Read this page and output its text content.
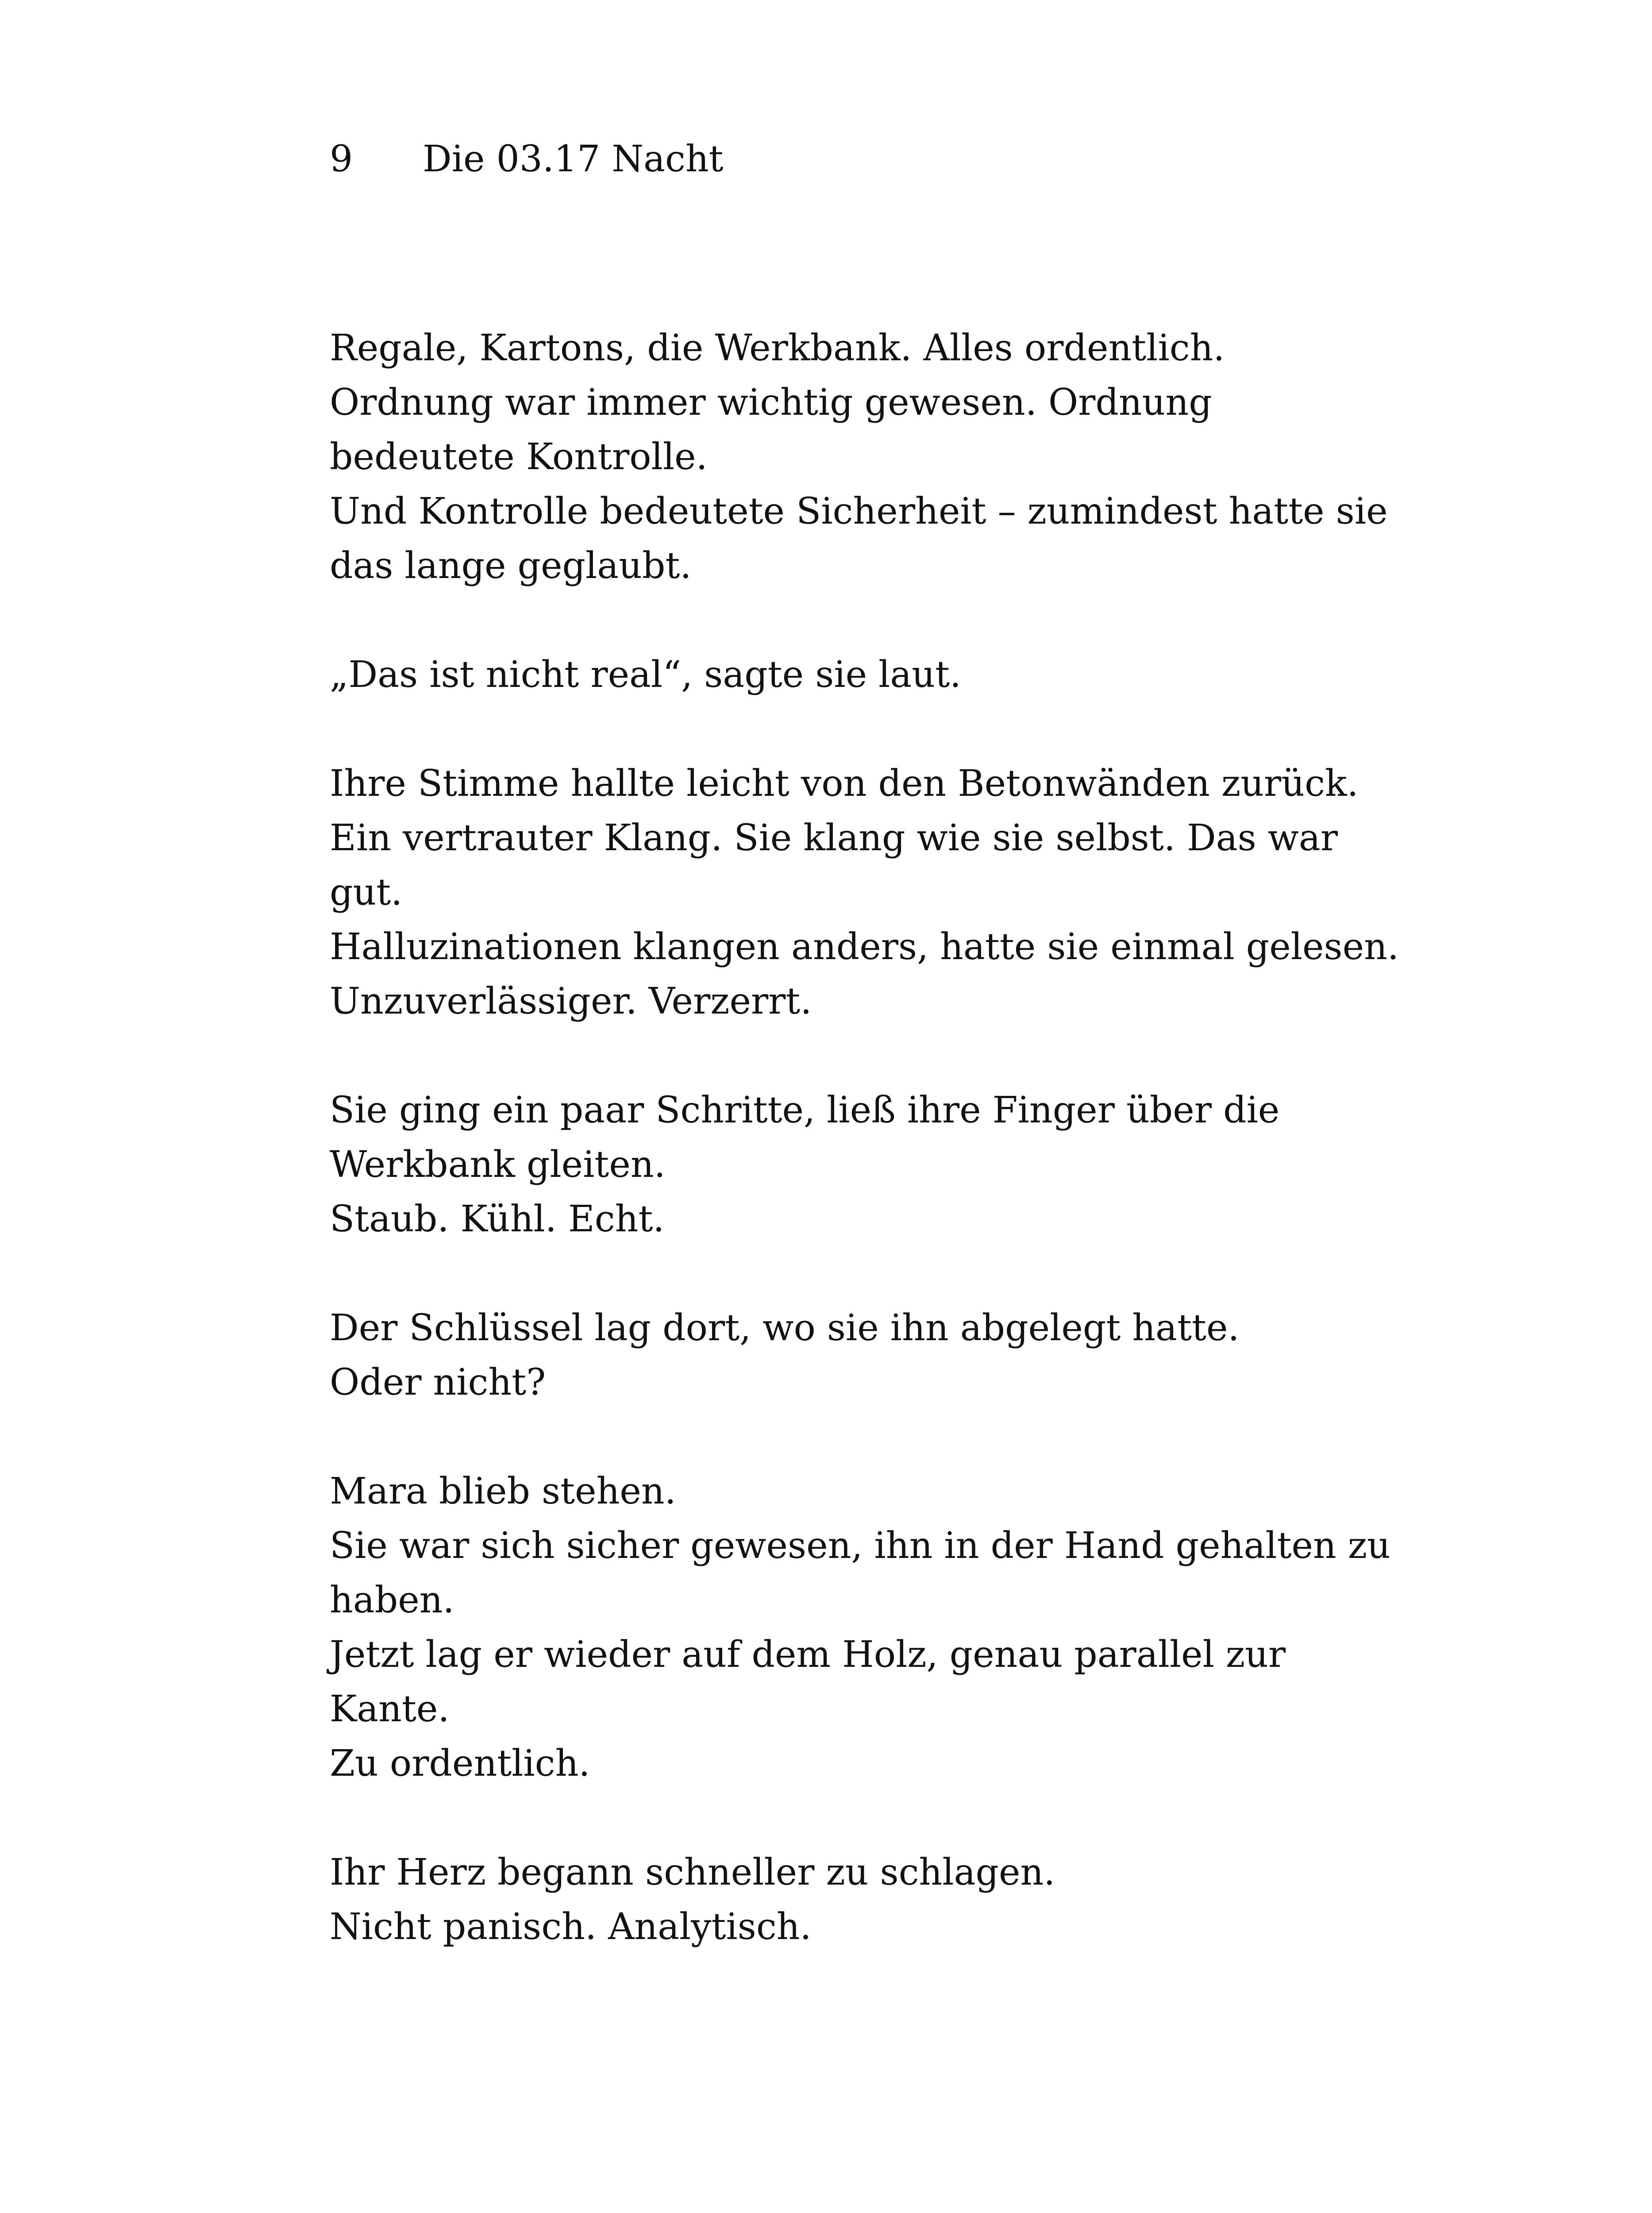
9 Die 03.17 Nacht
Regale, Kartons, die Werkbank. Alles ordentlich.
Ordnung war immer wichtig gewesen. Ordnung
bedeutete Kontrolle.
Und Kontrolle bedeutete Sicherheit – zumindest hatte sie
das lange geglaubt.
„Das ist nicht real“, sagte sie laut.
Ihre Stimme hallte leicht von den Betonwänden zurück.
Ein vertrauter Klang. Sie klang wie sie selbst. Das war
gut.
Halluzinationen klangen anders, hatte sie einmal gelesen.
Unzuverlässiger. Verzerrt.
Sie ging ein paar Schritte, ließ ihre Finger über die
Werkbank gleiten.
Staub. Kühl. Echt.
Der Schlüssel lag dort, wo sie ihn abgelegt hatte.
Oder nicht?
Mara blieb stehen.
Sie war sich sicher gewesen, ihn in der Hand gehalten zu
haben.
Jetzt lag er wieder auf dem Holz, genau parallel zur
Kante.
Zu ordentlich.
Ihr Herz begann schneller zu schlagen.
Nicht panisch. Analytisch.
